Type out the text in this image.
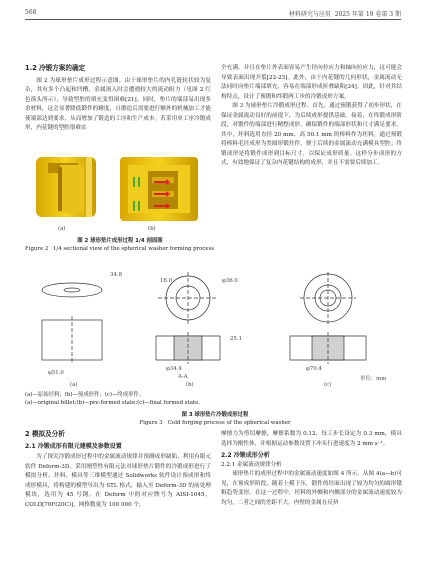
568	材料研究与应用 2025 年第 19 卷第 3 期
1.2 冷锻方案的确定

图 2 为球形垫片成形过程示意图。由于球形垫片的内孔链轮状较为复杂，其有多个凸起和凹槽，金属流入时会遭遇较大的流动阻力（见图 2 红色箭头所示），导致型腔的填充变得困难[21]。同时，垫片的端部易出现多余材料，这会显著降低锻件的精度，且锻造后需要进行额外的机械加工才能使端部达到要求，从而增加了锻造的工序和生产成本。若采用单工序冷锻成形，内花键的型腔很难实

(a)	(b)
图 2 球形垫片成形过程 1/4 剖面图
Figure 2 1/4 sectional view of the spherical washer forming process

全充满，并且在垫片外表面容易产生径向拉应力和轴向拉应力，这可能会导致表面出现开裂[22-23]。此外，由于内花键的几何形状，金属流动无法同时向垫片端部填充，容易在端部形成折叠缺陷[24]。因此，针对其结构特点，设计了预锻和终锻两工步的冷锻成形方案。

图 3 为球形垫片冷锻成形过程。首先，通过预锻获得了初步形状，在保证金属流动良好的前提下，为后续成形提供基础。接着，在终锻成形阶段，对锻件的端部进行精整成形，确保锻件的端部形状和尺寸满足要求。其中，坯料选用直径 20 mm、高 50.1 mm 的棒料作为坯料，通过预锻将棒料毛坯成形为类圆形锻坯件，便于后续的金属流动充满模具型腔；终锻成形是将锻件成形到目标尺寸，以保证成形质量。这样分步成形的方式，有效地保证了复杂内花键结构的成形，并且不需要后续加工。

34.8
16.0	φ36.0
25.1
φ34.4	φ70.4
φ51.0
A-A	单位：mm
(a)	(b)	(c)
(a)—原始坯料；(b)—预成形件；(c)—终成形件。
(a)—original billet;(b)—pre-formed state;(c)—final formed state.
图 3 球形垫片冷锻成形过程
Figure 3 Cold forging process of the spherical washer
2 模拟及分析
2.1 冷锻成形有限元建模及参数设置

为了探究冷锻成形过程中的金属流动规律并预测成形缺陷，利用有限元软件 Deform-3D，采用刚塑性有限元法对球形垫片锻件的冷锻成形进行了模拟分析。坯料、模具等三维模型通过 Solidworks 软件设计预成形和终成形模具，将构建的模型导出为 STL 格式，输入至 Deform-3D 的前处理模块，选用为 45 号钢，在 Deform 中的对应牌号为 AISI-1045，COLD[70F(20C)]，网格数量为 100 000 个，

摩擦力为剪切摩擦，摩擦系数为 0.12，每工步长设定为 0.3 mm，模具选择为刚性体，并根据运动参数设置下冲头行进速度为 2 mm·s⁻¹。

2.2 冷锻成形分析
2.2.1 金属流动规律分析

球形垫片的成形过程中的金属流动速度如图 4 所示。从图 4(a—b)可见，在预成形阶段，随着上模下压，锻件的坯面出现了较为均匀的圆形镦粗趋势变形。在这一过程中，坯料的外侧和内侧部分的金属流动速度较为均匀，二者之间的差距不大。内壁的金属在反挤
